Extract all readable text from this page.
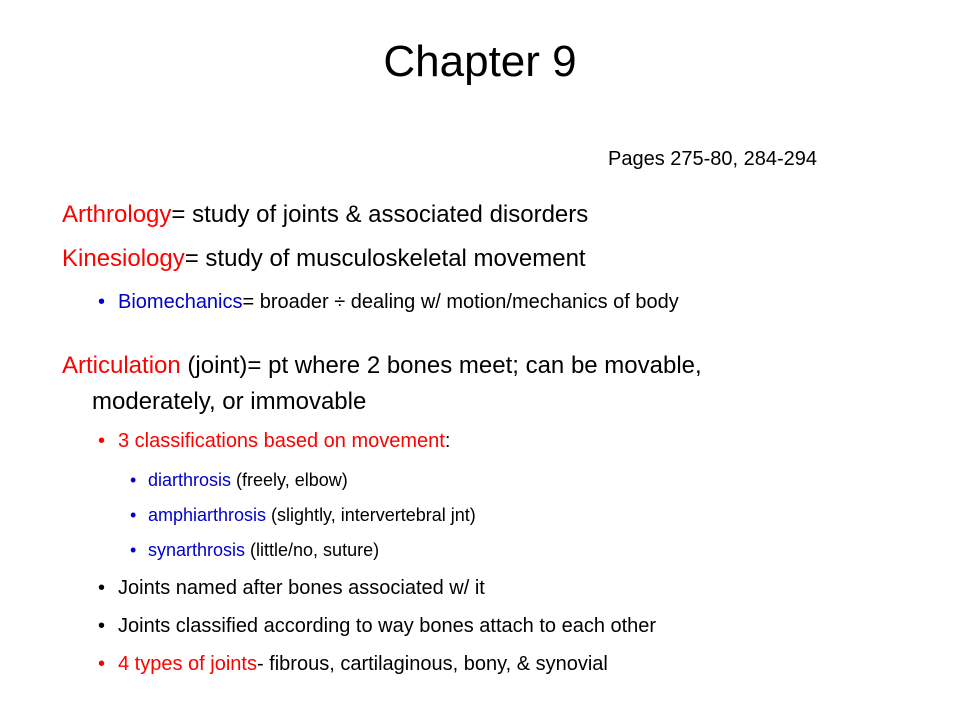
Chapter 9
Pages 275-80, 284-294
Arthrology= study of joints & associated disorders
Kinesiology= study of musculoskeletal movement
• Biomechanics= broader ÷ dealing w/ motion/mechanics of body
Articulation (joint)= pt where 2 bones meet; can be movable,
moderately, or immovable
• 3 classifications based on movement:
• diarthrosis (freely, elbow)
• amphiarthrosis (slightly, intervertebral jnt)
• synarthrosis (little/no, suture)
• Joints named after bones associated w/ it
• Joints classified according to way bones attach to each other
• 4 types of joints- fibrous, cartilaginous, bony, & synovial
